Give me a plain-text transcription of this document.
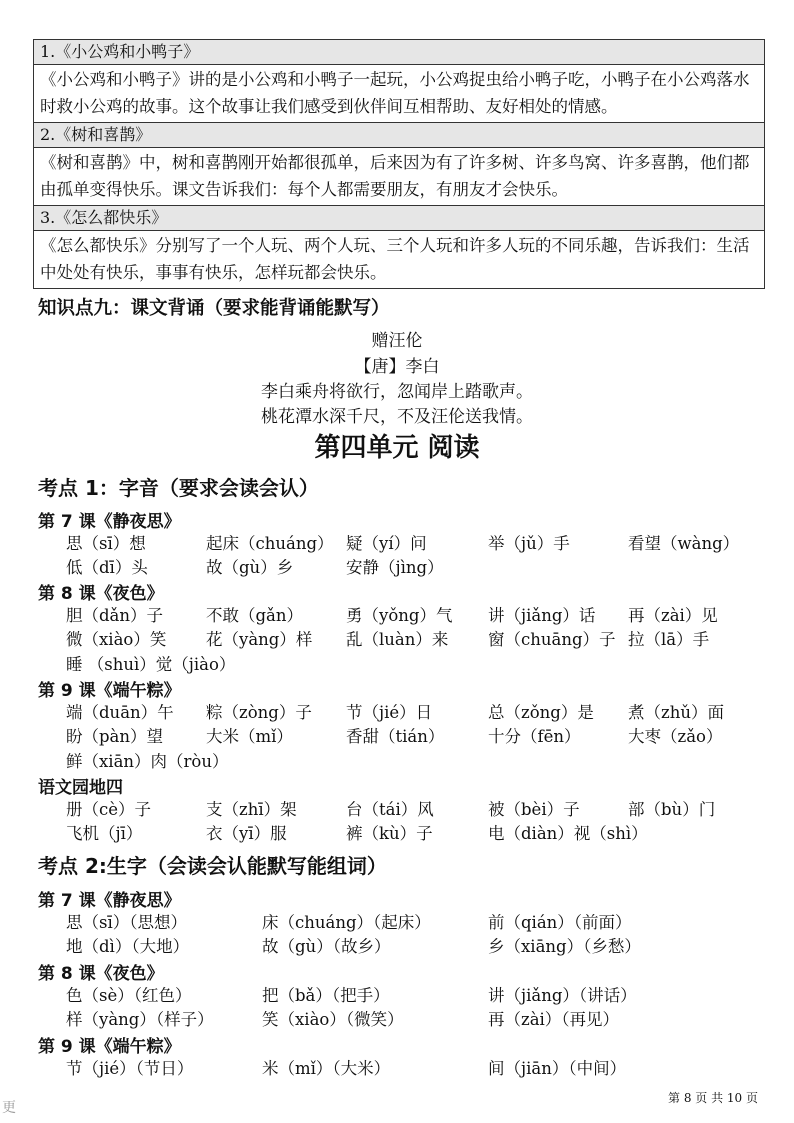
1.《小公鸡和小鸭子》
《小公鸡和小鸭子》讲的是小公鸡和小鸭子一起玩，小公鸡捉虫给小鸭子吃，小鸭子在小公鸡落水时救小公鸡的故事。这个故事让我们感受到伙伴间互相帮助、友好相处的情感。
2.《树和喜鹊》
《树和喜鹊》中，树和喜鹊刚开始都很孤单，后来因为有了许多树、许多鸟窝、许多喜鹊，他们都由孤单变得快乐。课文告诉我们：每个人都需要朋友，有朋友才会快乐。
3.《怎么都快乐》
《怎么都快乐》分别写了一个人玩、两个人玩、三个人玩和许多人玩的不同乐趣，告诉我们：生活中处处有快乐，事事有快乐，怎样玩都会快乐。
知识点九：课文背诵（要求能背诵能默写）
赠汪伦
【唐】李白
李白乘舟将欲行，忽闻岸上踏歌声。
桃花潭水深千尺，不及汪伦送我情。
第四单元 阅读
考点 1：字音（要求会读会认）
第 7 课《静夜思》
思（sī）想	起床（chuáng） 疑（yí）问	举（jǔ）手	看望（wàng）
低（dī）头	故（gù）乡	安静（jìng）
第 8 课《夜色》
胆（dǎn）子	不敢（gǎn）	勇（yǒng）气 讲（jiǎng）话 再（zài）见
微（xiào）笑 花（yàng）样 乱（luàn）来 窗（chuāng）子 拉（lā）手
睡 （shuì）觉（jiào）
第 9 课《端午粽》
端（duān）午 粽（zòng）子 节（jié）日	总（zǒng）是 煮（zhǔ）面
盼（pàn）望	大米（mǐ）	香甜（tián）	十分（fēn）	大枣（zǎo）
鲜（xiān）肉（ròu）
语文园地四
册（cè）子	支（zhī）架	台（tái）风	被（bèi）子	部（bù）门
飞机（jī）	衣（yī）服	裤（kù）子	电（diàn）视（shì）
考点 2:生字（会读会认能默写能组词）
第 7 课《静夜思》
思（sī）（思想）	床（chuáng）（起床）	前（qián）（前面）
地（dì）（大地）	故（gù）（故乡）	乡（xiāng）（乡愁）
第 8 课《夜色》
色（sè）（红色）	把（bǎ）（把手）	讲（jiǎng）（讲话）
样（yàng）（样子）	笑（xiào）（微笑）	再（zài）（再见）
第 9 课《端午粽》
节（jié）（节日）	米（mǐ）（大米）	间（jiān）（中间）
第 8 页 共 10 页
更
